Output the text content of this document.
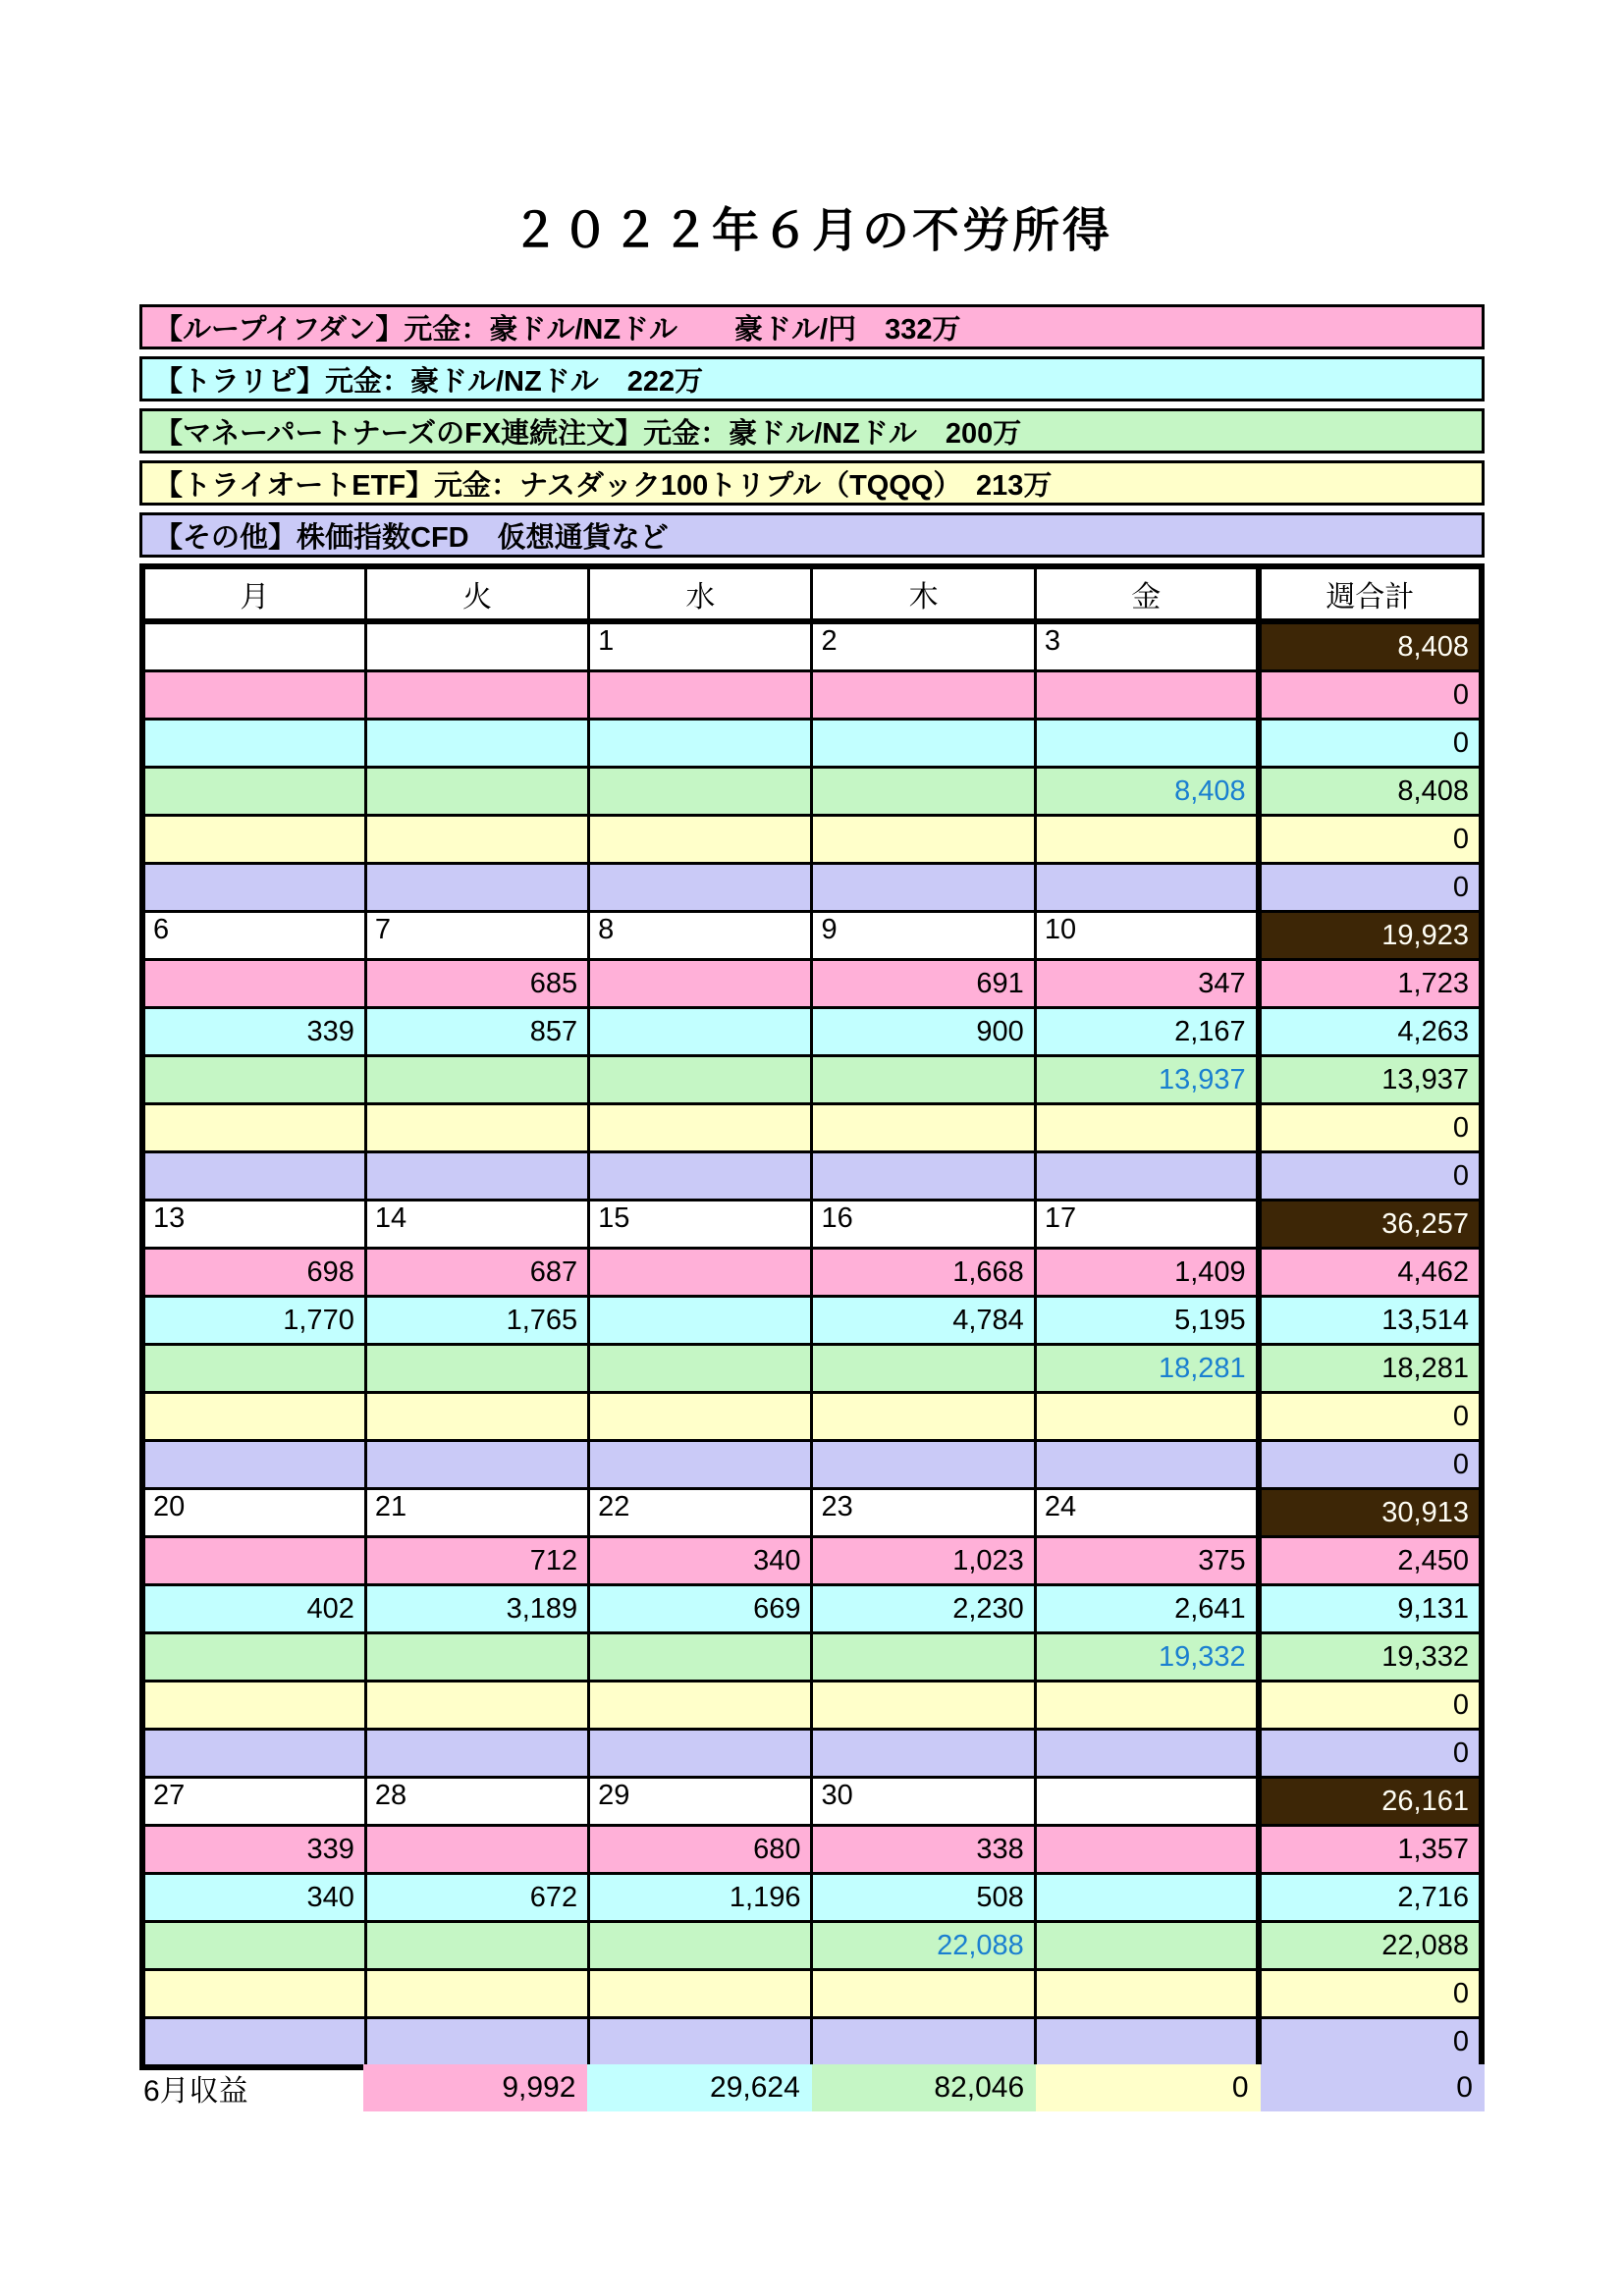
２０２２年６月の不労所得
【ループイフダン】元金：豪ドル/NZドル　　豪ドル/円　332万
【トラリピ】元金：豪ドル/NZドル　222万
【マネーパートナーズのFX連続注文】元金：豪ドル/NZドル　200万
【トライオートETF】元金：ナスダック100トリプル（TQQQ）　213万
【その他】株価指数CFD　仮想通貨など
月	火	水	木	金	週合計
		1	2	3	8,408
					0
					0
				8,408	8,408
					0
					0
6	7	8	9	10	19,923
	685		691	347	1,723
339	857		900	2,167	4,263
				13,937	13,937
					0
					0
13	14	15	16	17	36,257
698	687		1,668	1,409	4,462
1,770	1,765		4,784	5,195	13,514
				18,281	18,281
					0
					0
20	21	22	23	24	30,913
	712	340	1,023	375	2,450
402	3,189	669	2,230	2,641	9,131
				19,332	19,332
					0
					0
27	28	29	30		26,161
339		680	338		1,357
340	672	1,196	508		2,716
			22,088		22,088
					0
					0
6月収益	9,992	29,624	82,046	0	0
